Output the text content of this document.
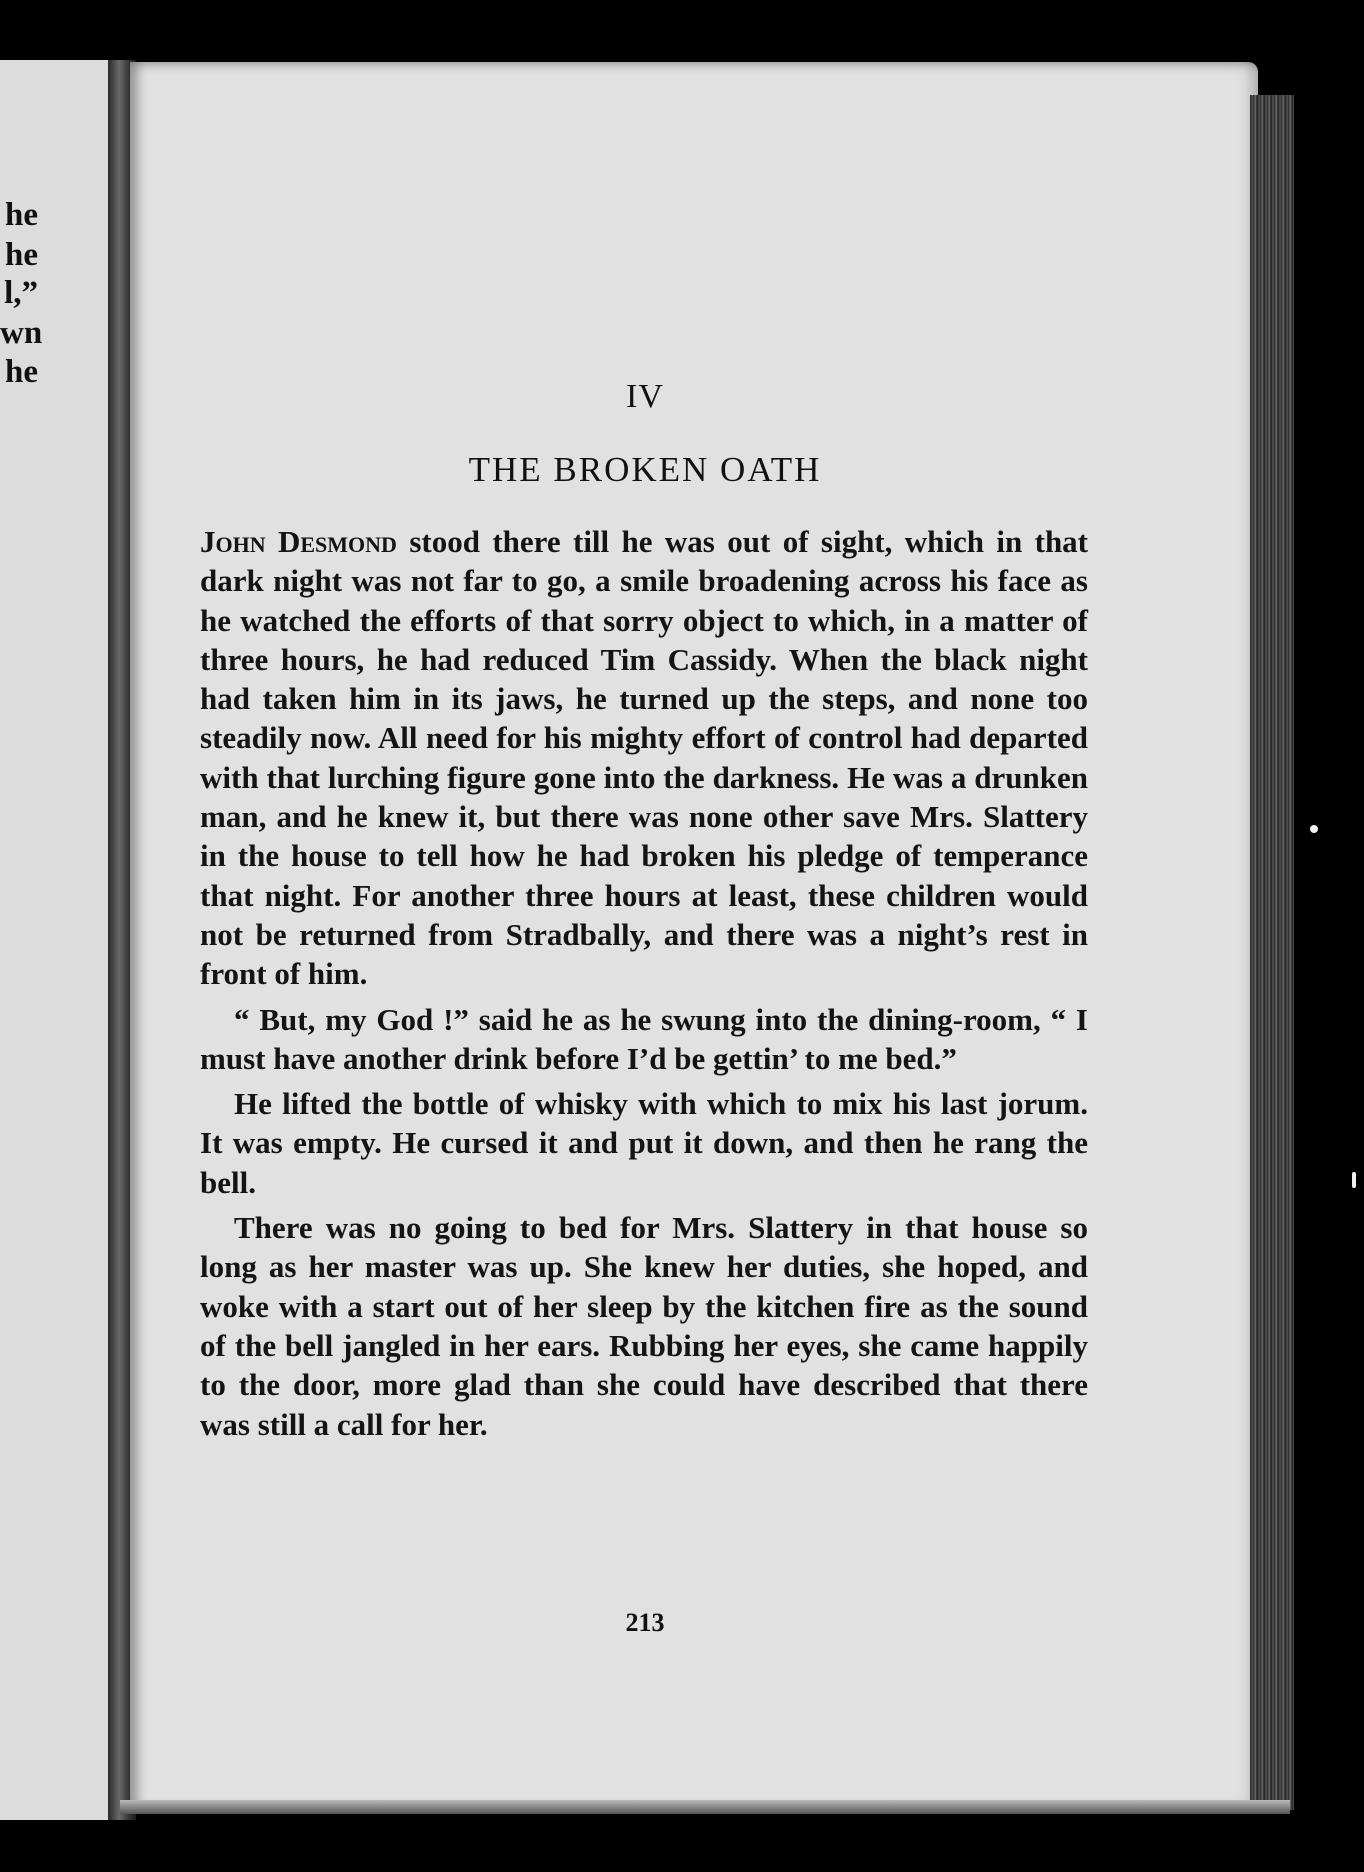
he
he
l,”
wn
he
IV
THE BROKEN OATH

John Desmond stood there till he was out of sight, which in that dark night was not far to go, a smile broadening across his face as he watched the efforts of that sorry object to which, in a matter of three hours, he had reduced Tim Cassidy. When the black night had taken him in its jaws, he turned up the steps, and none too steadily now. All need for his mighty effort of control had departed with that lurching figure gone into the darkness. He was a drunken man, and he knew it, but there was none other save Mrs. Slattery in the house to tell how he had broken his pledge of temperance that night. For another three hours at least, these children would not be returned from Stradbally, and there was a night’s rest in front of him.

“ But, my God !” said he as he swung into the dining-room, “ I must have another drink before I’d be gettin’ to me bed.”

He lifted the bottle of whisky with which to mix his last jorum. It was empty. He cursed it and put it down, and then he rang the bell.

There was no going to bed for Mrs. Slattery in that house so long as her master was up. She knew her duties, she hoped, and woke with a start out of her sleep by the kitchen fire as the sound of the bell jangled in her ears. Rubbing her eyes, she came happily to the door, more glad than she could have described that there was still a call for her.

213
